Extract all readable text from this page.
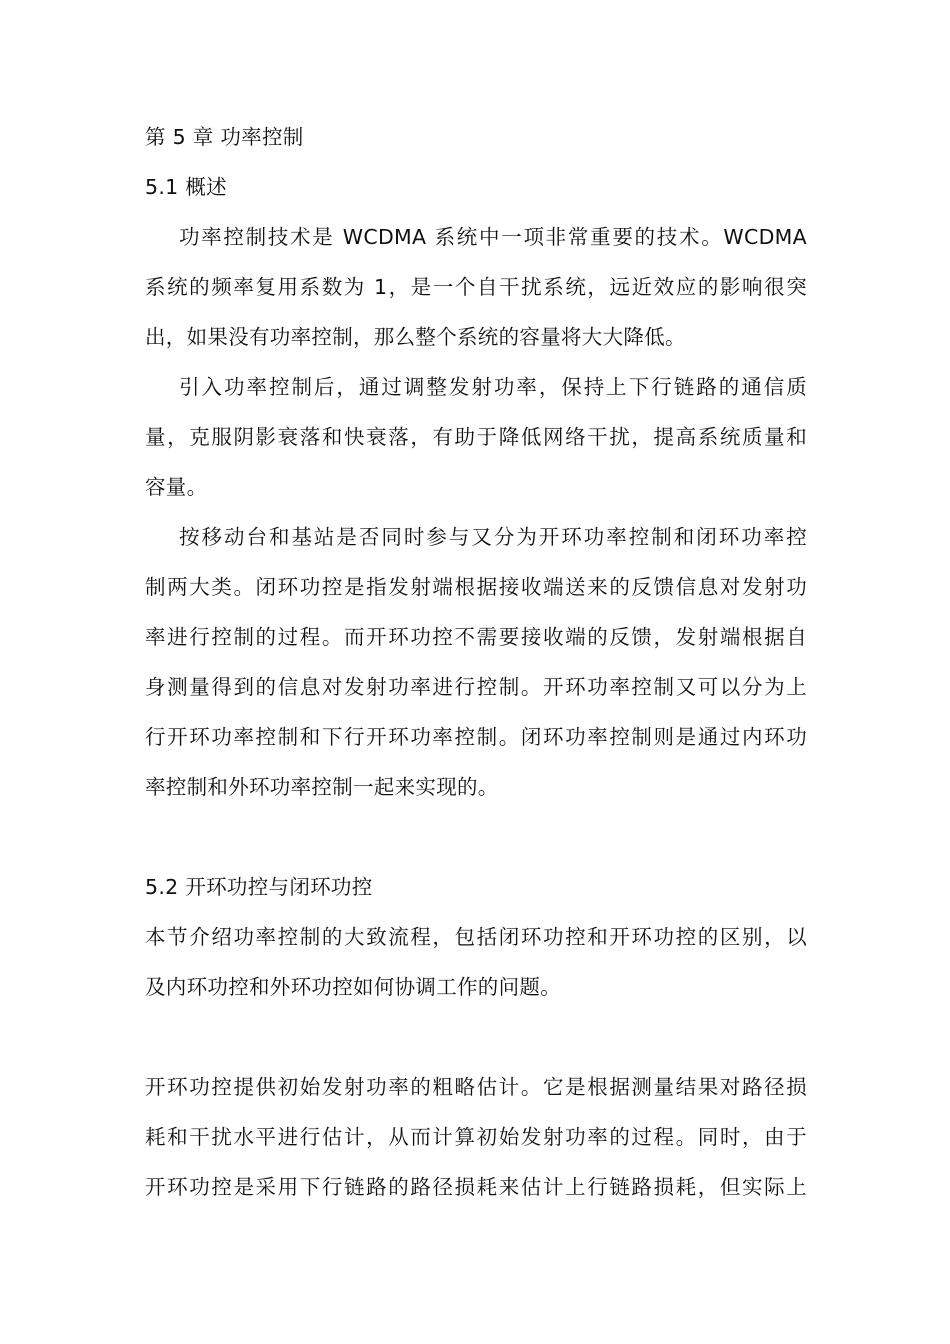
第 5 章 功率控制
5.1 概述
功率控制技术是 WCDMA 系统中一项非常重要的技术。WCDMA
系统的频率复用系数为 1，是一个自干扰系统，远近效应的影响很突
出，如果没有功率控制，那么整个系统的容量将大大降低。
引入功率控制后，通过调整发射功率，保持上下行链路的通信质
量，克服阴影衰落和快衰落，有助于降低网络干扰，提高系统质量和
容量。
按移动台和基站是否同时参与又分为开环功率控制和闭环功率控
制两大类。闭环功控是指发射端根据接收端送来的反馈信息对发射功
率进行控制的过程。而开环功控不需要接收端的反馈，发射端根据自
身测量得到的信息对发射功率进行控制。开环功率控制又可以分为上
行开环功率控制和下行开环功率控制。闭环功率控制则是通过内环功
率控制和外环功率控制一起来实现的。
5.2 开环功控与闭环功控
本节介绍功率控制的大致流程，包括闭环功控和开环功控的区别，以
及内环功控和外环功控如何协调工作的问题。
开环功控提供初始发射功率的粗略估计。它是根据测量结果对路径损
耗和干扰水平进行估计，从而计算初始发射功率的过程。同时，由于
开环功控是采用下行链路的路径损耗来估计上行链路损耗，但实际上
